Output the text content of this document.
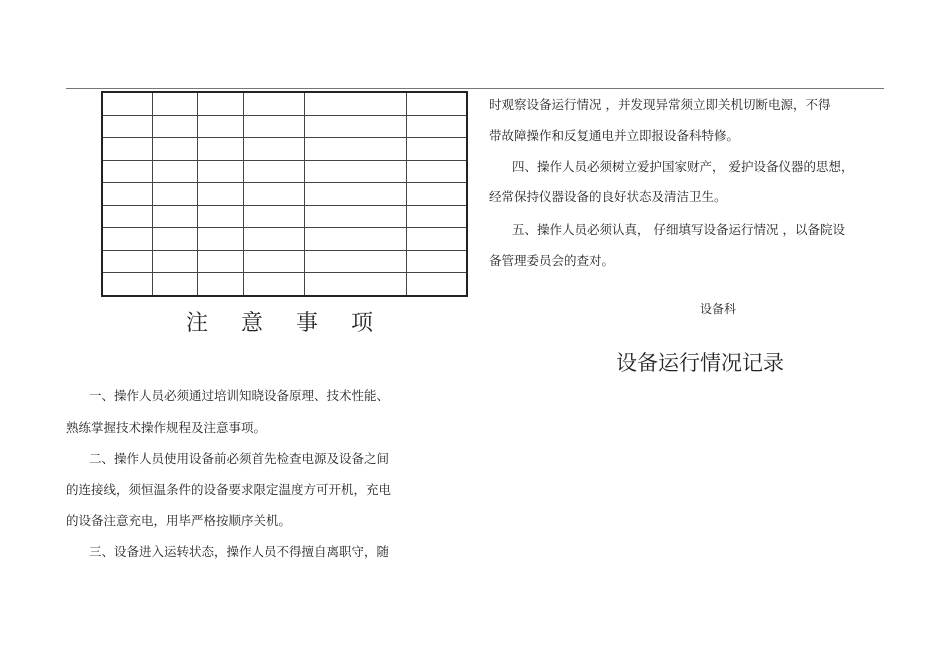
注 意 事 项
一、操作人员必须通过培训知晓设备原理、技术性能、
熟练掌握技术操作规程及注意事项。
二、操作人员使用设备前必须首先检查电源及设备之间
的连接线，须恒温条件的设备要求限定温度方可开机，充电
的设备注意充电，用毕严格按顺序关机。
三、设备进入运转状态，操作人员不得擅自离职守，随
时观察设备运行情况 ，并发现异常须立即关机切断电源，不得
带故障操作和反复通电并立即报设备科特修。
四、操作人员必须树立爱护国家财产， 爱护设备仪器的思想，
经常保持仪器设备的良好状态及清洁卫生。
五、操作人员必须认真， 仔细填写设备运行情况 ，以备院设
备管理委员会的查对。
设备科
设备运行情况记录
